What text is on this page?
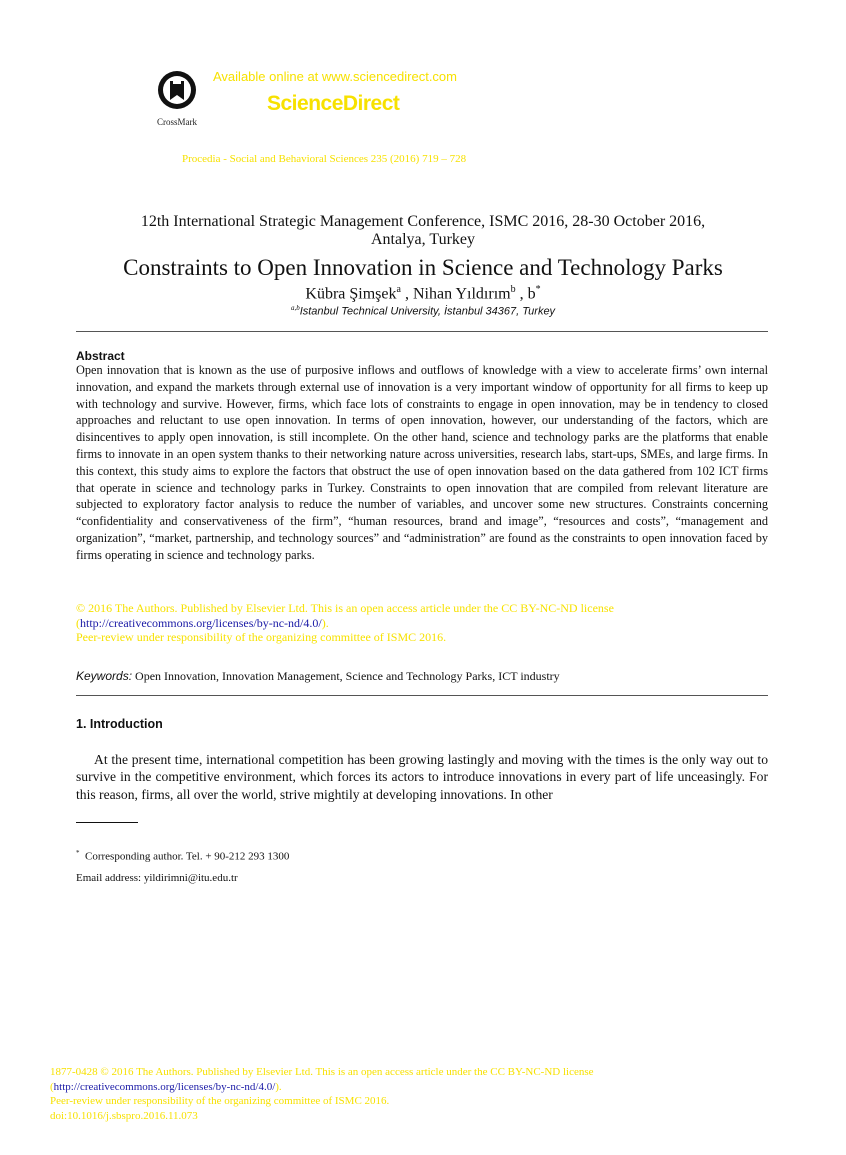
CrossMark
Available online at www.sciencedirect.com
ScienceDirect
Procedia - Social and Behavioral Sciences 235 (2016) 719 – 728
12th International Strategic Management Conference, ISMC 2016, 28-30 October 2016,
Antalya, Turkey
Constraints to Open Innovation in Science and Technology Parks
Kübra Şimşek$^a$ , Nihan Yıldırım$^b$ , b*
$^{a,b}$Istanbul Technical University, İstanbul 34367, Turkey
Abstract

Open innovation that is known as the use of purposive inflows and outflows of knowledge with a view to accelerate firms’ own internal innovation, and expand the markets through external use of innovation is a very important window of opportunity for all firms to keep up with technology and survive. However, firms, which face lots of constraints to engage in open innovation, may be in tendency to closed approaches and reluctant to use open innovation. In terms of open innovation, however, our understanding of the factors, which are disincentives to apply open innovation, is still incomplete. On the other hand, science and technology parks are the platforms that enable firms to innovate in an open system thanks to their networking nature across universities, research labs, start-ups, SMEs, and large firms. In this context, this study aims to explore the factors that obstruct the use of open innovation based on the data gathered from 102 ICT firms that operate in science and technology parks in Turkey. Constraints to open innovation that are compiled from relevant literature are subjected to exploratory factor analysis to reduce the number of variables, and uncover some new structures. Constraints concerning “confidentiality and conservativeness of the firm”, “human resources, brand and image”, “resources and costs”, “management and organization”, “market, partnership, and technology sources” and “administration” are found as the constraints to open innovation faced by firms operating in science and technology parks.

© 2016 The Authors. Published by Elsevier Ltd. This is an open access article under the CC BY-NC-ND license
(http://creativecommons.org/licenses/by-nc-nd/4.0/).
Peer-review under responsibility of the organizing committee of ISMC 2016.
Keywords: Open Innovation, Innovation Management, Science and Technology Parks, ICT industry
1. Introduction

At the present time, international competition has been growing lastingly and moving with the times is the only way out to survive in the competitive environment, which forces its actors to introduce innovations in every part of life unceasingly. For this reason, firms, all over the world, strive mightily at developing innovations. In other

* Corresponding author. Tel. + 90-212 293 1300
Email address: yildirimni@itu.edu.tr
1877-0428 © 2016 The Authors. Published by Elsevier Ltd. This is an open access article under the CC BY-NC-ND license
(http://creativecommons.org/licenses/by-nc-nd/4.0/).
Peer-review under responsibility of the organizing committee of ISMC 2016.
doi:10.1016/j.sbspro.2016.11.073
